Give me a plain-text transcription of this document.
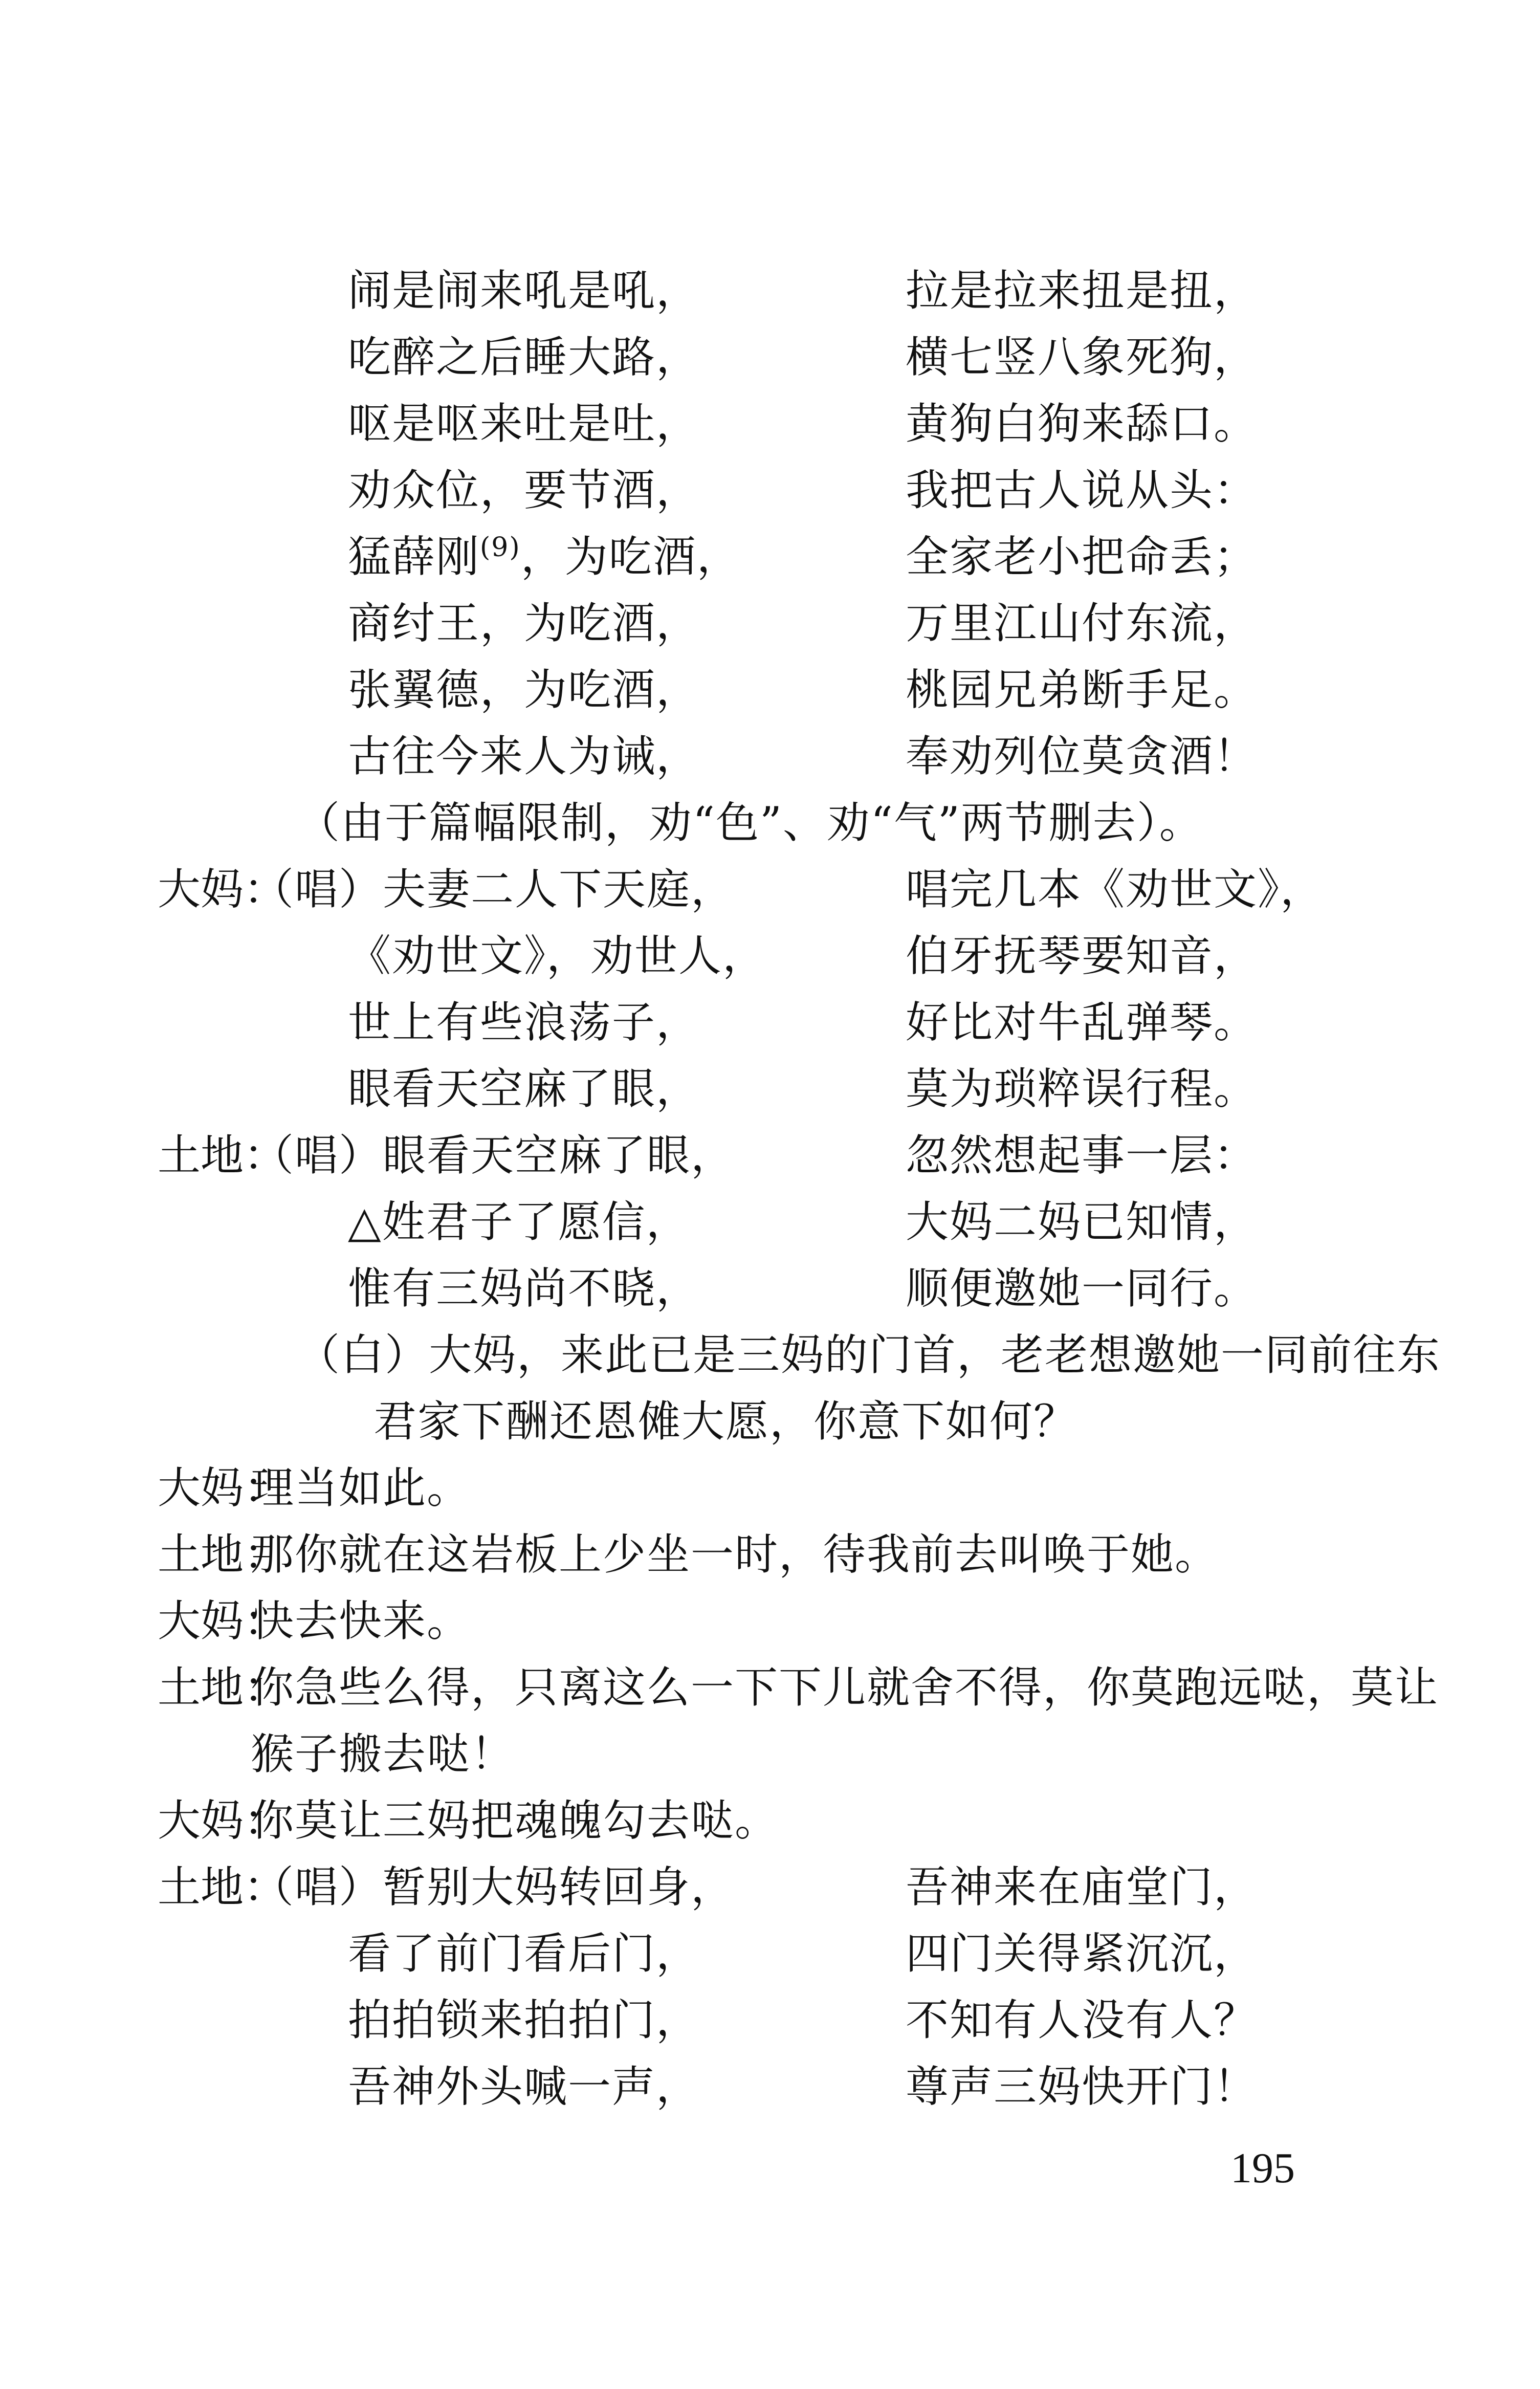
闹是闹来吼是吼，	拉是拉来扭是扭，
吃醉之后睡大路，	横七竖八象死狗，
呕是呕来吐是吐，	黄狗白狗来舔口。
劝众位，要节酒，	我把古人说从头：
猛薛刚$^{(9)}$，为吃酒，	全家老小把命丢；
商纣王，为吃酒，	万里江山付东流，
张翼德，为吃酒，	桃园兄弟断手足。
古往今来人为诫，	奉劝列位莫贪酒！
（由于篇幅限制，劝“色”、劝“气”两节删去）。
大妈：
（唱）夫妻二人下天庭，	唱完几本《劝世文》，
《劝世文》，劝世人，	伯牙抚琴要知音，
世上有些浪荡子，	好比对牛乱弹琴。
眼看天空麻了眼，	莫为琐粹误行程。
土地：
（唱）眼看天空麻了眼，	忽然想起事一层：
△姓君子了愿信，	大妈二妈已知情，
惟有三妈尚不晓，	顺便邀她一同行。
（白）大妈，来此已是三妈的门首，老老想邀她一同前往东
君家下酬还恩傩大愿，你意下如何？
大妈：
理当如此。
土地：
那你就在这岩板上少坐一时，待我前去叫唤于她。
大妈：
快去快来。
土地：
你急些么得，只离这么一下下儿就舍不得，你莫跑远哒，莫让
猴子搬去哒！
大妈：
你莫让三妈把魂魄勾去哒。
土地：
（唱）暂别大妈转回身，	吾神来在庙堂门，
看了前门看后门，	四门关得紧沉沉，
拍拍锁来拍拍门，	不知有人没有人？
吾神外头喊一声，	尊声三妈快开门！
195
